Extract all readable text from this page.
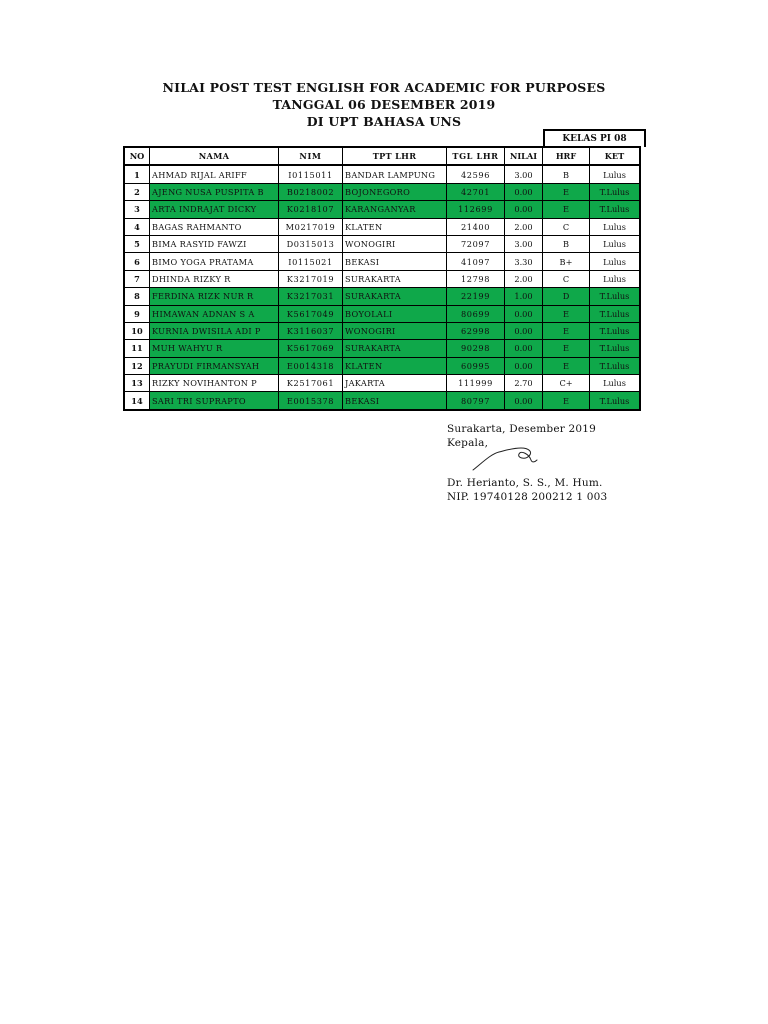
NILAI POST TEST ENGLISH FOR ACADEMIC FOR PURPOSES
TANGGAL 06 DESEMBER 2019
DI UPT BAHASA UNS
KELAS PI 08
NO	NAMA	NIM	TPT LHR	TGL LHR	NILAI	HRF	KET
1	AHMAD RIJAL ARIFF	I0115011	BANDAR LAMPUNG	42596	3.00	B	Lulus
2	AJENG NUSA PUSPITA B	B0218002	BOJONEGORO	42701	0.00	E	T.Lulus
3	ARTA INDRAJAT DICKY	K0218107	KARANGANYAR	112699	0.00	E	T.Lulus
4	BAGAS RAHMANTO	M0217019	KLATEN	21400	2.00	C	Lulus
5	BIMA RASYID FAWZI	D0315013	WONOGIRI	72097	3.00	B	Lulus
6	BIMO YOGA PRATAMA	I0115021	BEKASI	41097	3.30	B+	Lulus
7	DHINDA RIZKY R	K3217019	SURAKARTA	12798	2.00	C	Lulus
8	FERDINA RIZK NUR R	K3217031	SURAKARTA	22199	1.00	D	T.Lulus
9	HIMAWAN ADNAN S A	K5617049	BOYOLALI	80699	0.00	E	T.Lulus
10	KURNIA DWISILA ADI P	K3116037	WONOGIRI	62998	0.00	E	T.Lulus
11	MUH WAHYU R	K5617069	SURAKARTA	90298	0.00	E	T.Lulus
12	PRAYUDI FIRMANSYAH	E0014318	KLATEN	60995	0.00	E	T.Lulus
13	RIZKY NOVIHANTON P	K2517061	JAKARTA	111999	2.70	C+	Lulus
14	SARI TRI SUPRAPTO	E0015378	BEKASI	80797	0.00	E	T.Lulus
Surakarta, Desember 2019
Kepala,
Dr. Herianto, S. S., M. Hum.
NIP. 19740128 200212 1 003
